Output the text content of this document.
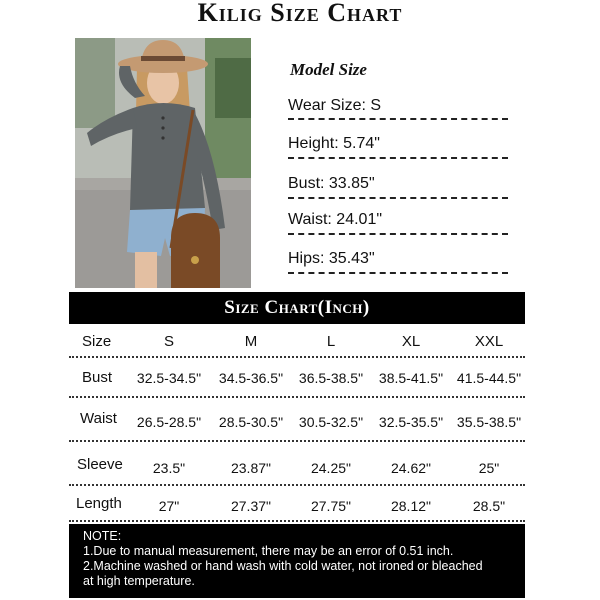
Kilig Size Chart
Model Size
Wear Size: S
Height: 5.74"
Bust: 33.85"
Waist: 24.01"
Hips: 35.43"
Size Chart(Inch)
Size	S	M	L	XL	XXL
Bust	32.5-34.5"	34.5-36.5"	36.5-38.5"	38.5-41.5" 41.5-44.5"
Waist	26.5-28.5"	28.5-30.5"	30.5-32.5"	32.5-35.5" 35.5-38.5"
Sleeve	23.5"	23.87"	24.25"	24.62"	25"
Length	27"	27.37"	27.75"	28.12"	28.5"
NOTE:
1.Due to manual measurement, there may be an error of 0.51 inch.
2.Machine washed or hand wash with cold water, not ironed or bleached
at high temperature.
